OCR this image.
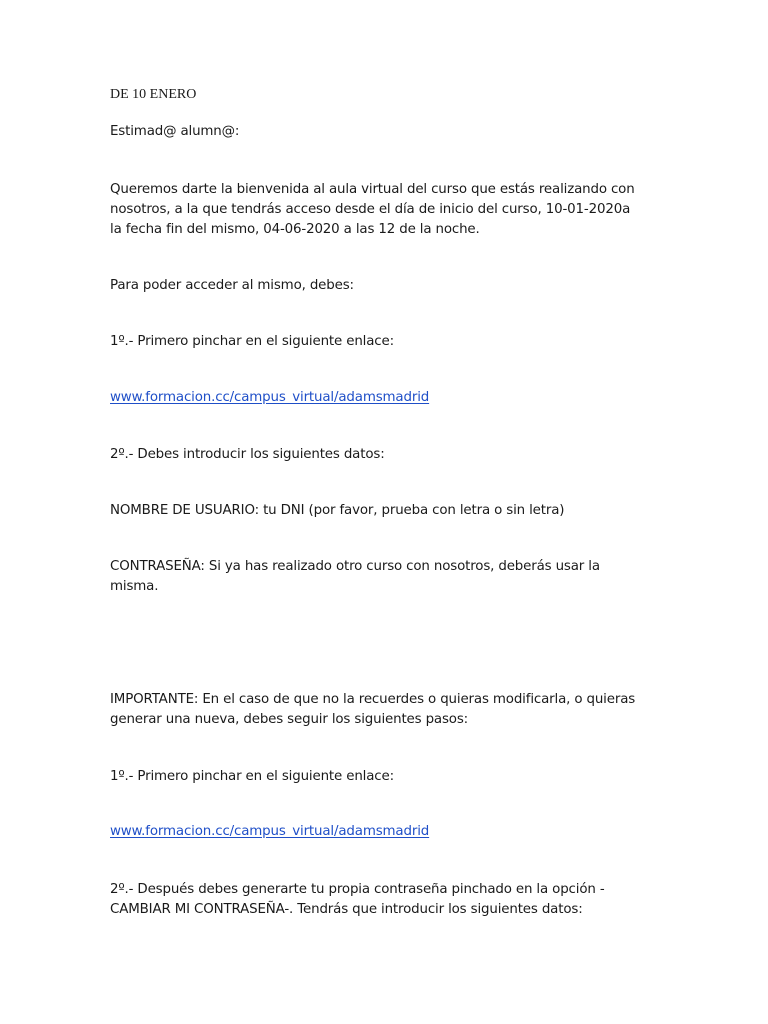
DE 10 ENERO

Estimad@ alumn@:

Queremos darte la bienvenida al aula virtual del curso que estás realizando con nosotros, a la que tendrás acceso desde el día de inicio del curso, 10-01-2020a la fecha fin del mismo, 04-06-2020 a las 12 de la noche.

Para poder acceder al mismo, debes:

1º.- Primero pinchar en el siguiente enlace:

www.formacion.cc/campus_virtual/adamsmadrid

2º.- Debes introducir los siguientes datos:

NOMBRE DE USUARIO: tu DNI (por favor, prueba con letra o sin letra)

CONTRASEÑA: Si ya has realizado otro curso con nosotros, deberás usar la misma.

IMPORTANTE: En el caso de que no la recuerdes o quieras modificarla, o quieras generar una nueva, debes seguir los siguientes pasos:

1º.- Primero pinchar en el siguiente enlace:

www.formacion.cc/campus_virtual/adamsmadrid

2º.- Después debes generarte tu propia contraseña pinchado en la opción -CAMBIAR MI CONTRASEÑA-. Tendrás que introducir los siguientes datos:
